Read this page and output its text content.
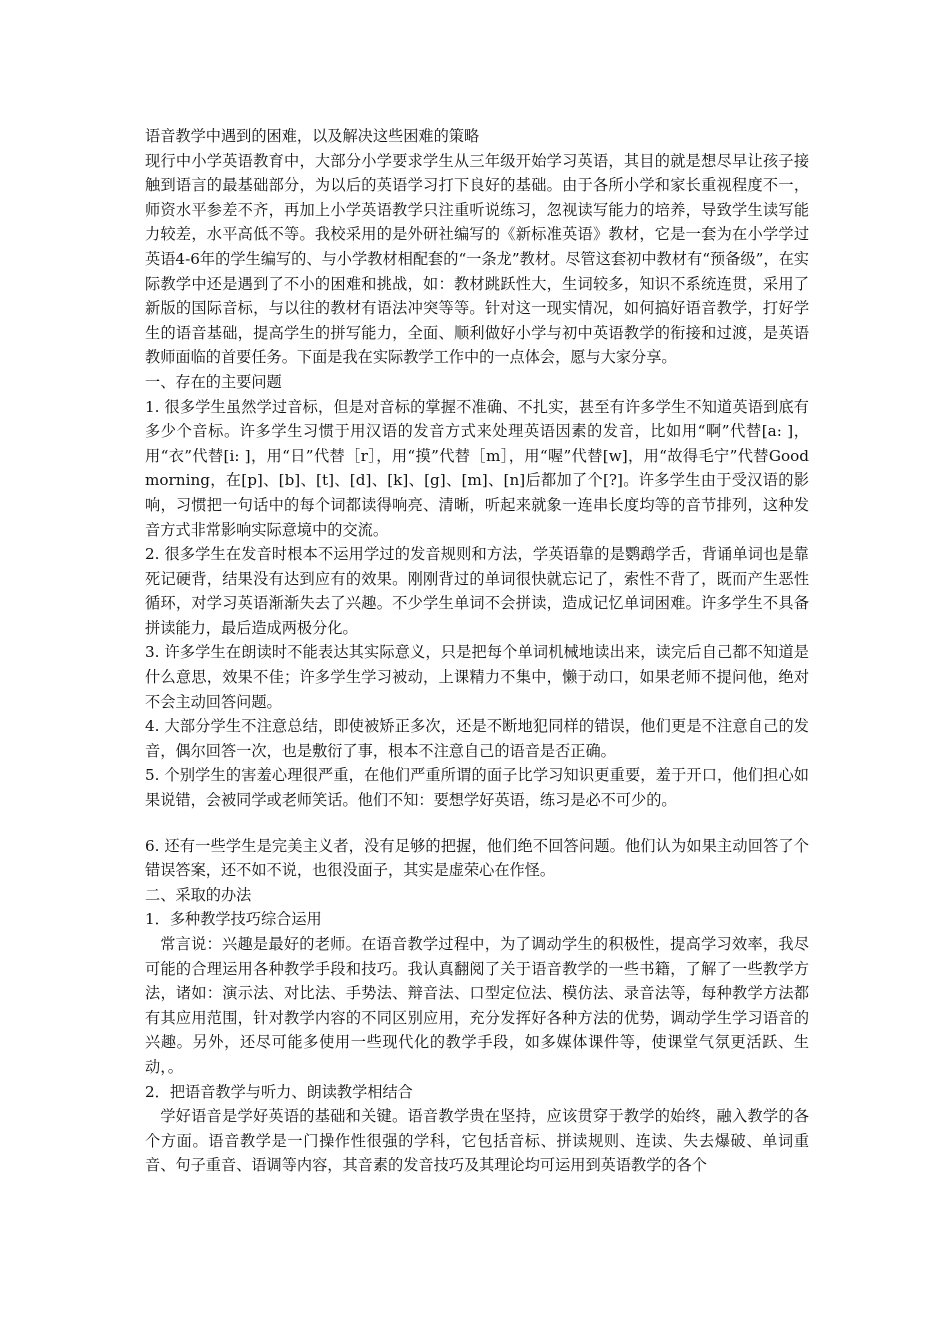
语音教学中遇到的困难，以及解决这些困难的策略

现行中小学英语教育中，大部分小学要求学生从三年级开始学习英语，其目的就是想尽早让孩子接触到语言的最基础部分，为以后的英语学习打下良好的基础。由于各所小学和家长重视程度不一，师资水平参差不齐，再加上小学英语教学只注重听说练习，忽视读写能力的培养，导致学生读写能力较差，水平高低不等。我校采用的是外研社编写的《新标准英语》教材，它是一套为在小学学过英语4-6年的学生编写的、与小学教材相配套的“一条龙”教材。尽管这套初中教材有“预备级”，在实际教学中还是遇到了不小的困难和挑战，如：教材跳跃性大，生词较多，知识不系统连贯，采用了新版的国际音标，与以往的教材有语法冲突等等。针对这一现实情况，如何搞好语音教学，打好学生的语音基础，提高学生的拼写能力，全面、顺利做好小学与初中英语教学的衔接和过渡，是英语教师面临的首要任务。下面是我在实际教学工作中的一点体会，愿与大家分享。

一、存在的主要问题

1. 很多学生虽然学过音标，但是对音标的掌握不准确、不扎实，甚至有许多学生不知道英语到底有多少个音标。许多学生习惯于用汉语的发音方式来处理英语因素的发音，比如用“啊”代替[a: ]，用“衣”代替[i: ]，用“日”代替［r］，用“摸”代替［m］，用“喔”代替[w]，用“故得毛宁”代替Good morning，在[p]、[b]、[t]、[d]、[k]、[g]、[m]、[n]后都加了个[?]。许多学生由于受汉语的影响，习惯把一句话中的每个词都读得响亮、清晰，听起来就象一连串长度均等的音节排列，这种发音方式非常影响实际意境中的交流。

2. 很多学生在发音时根本不运用学过的发音规则和方法，学英语靠的是鹦鹉学舌，背诵单词也是靠死记硬背，结果没有达到应有的效果。刚刚背过的单词很快就忘记了，索性不背了，既而产生恶性循环，对学习英语渐渐失去了兴趣。不少学生单词不会拼读，造成记忆单词困难。许多学生不具备拼读能力，最后造成两极分化。

3. 许多学生在朗读时不能表达其实际意义，只是把每个单词机械地读出来，读完后自己都不知道是什么意思，效果不佳；许多学生学习被动，上课精力不集中，懒于动口，如果老师不提问他，绝对不会主动回答问题。

4. 大部分学生不注意总结，即使被矫正多次，还是不断地犯同样的错误，他们更是不注意自己的发音，偶尔回答一次，也是敷衍了事，根本不注意自己的语音是否正确。

5. 个别学生的害羞心理很严重，在他们严重所谓的面子比学习知识更重要，羞于开口，他们担心如果说错，会被同学或老师笑话。他们不知：要想学好英语，练习是必不可少的。

6. 还有一些学生是完美主义者，没有足够的把握，他们绝不回答问题。他们认为如果主动回答了个错误答案，还不如不说，也很没面子，其实是虚荣心在作怪。

二、采取的办法

1．多种教学技巧综合运用

常言说：兴趣是最好的老师。在语音教学过程中，为了调动学生的积极性，提高学习效率，我尽可能的合理运用各种教学手段和技巧。我认真翻阅了关于语音教学的一些书籍，了解了一些教学方法，诸如：演示法、对比法、手势法、辩音法、口型定位法、模仿法、录音法等，每种教学方法都有其应用范围，针对教学内容的不同区别应用，充分发挥好各种方法的优势，调动学生学习语音的兴趣。另外，还尽可能多使用一些现代化的教学手段，如多媒体课件等，使课堂气氛更活跃、生动，。

2．把语音教学与听力、朗读教学相结合

学好语音是学好英语的基础和关键。语音教学贵在坚持，应该贯穿于教学的始终，融入教学的各个方面。语音教学是一门操作性很强的学科，它包括音标、拼读规则、连读、失去爆破、单词重音、句子重音、语调等内容，其音素的发音技巧及其理论均可运用到英语教学的各个
